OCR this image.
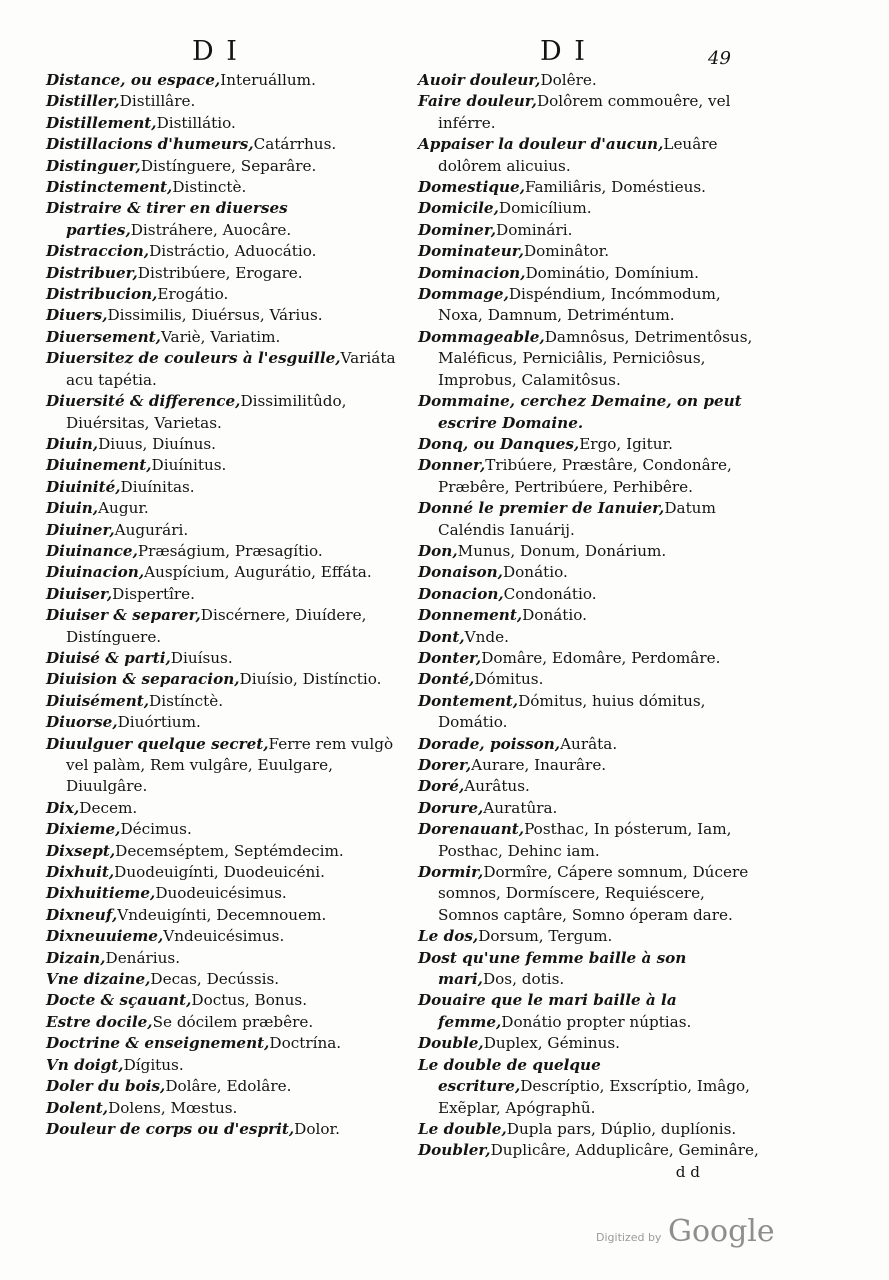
D I	D I	49

Distance, ou espace,Interuállum.

Distiller,Distillâre.

Distillement,Distillátio.

Distillacions d'humeurs,Catárrhus.

Distinguer,Distínguere, Separâre.

Distinctement,Distinctè.

Distraire & tirer en diuerses parties,Distráhere, Auocâre.

Distraccion,Distráctio, Aduocátio.

Distribuer,Distribúere, Erogare.

Distribucion,Erogátio.

Diuers,Dissimilis, Diuérsus, Várius.

Diuersement,Variè, Variatim.

Diuersitez de couleurs à l'esguille,Variáta acu tapétia.

Diuersité & difference,Dissimilitûdo, Diuérsitas, Varietas.

Diuin,Diuus, Diuínus.

Diuinement,Diuínitus.

Diuinité,Diuínitas.

Diuin,Augur.

Diuiner,Augurári.

Diuinance,Præságium, Præsagítio.

Diuinacion,Auspícium, Augurátio, Effáta.

Diuiser,Dispertîre.

Diuiser & separer,Discérnere, Diuídere, Distínguere.

Diuisé & parti,Diuísus.

Diuision & separacion,Diuísio, Distínctio.

Diuisément,Distínctè.

Diuorse,Diuórtium.

Diuulguer quelque secret,Ferre rem vulgò vel palàm, Rem vulgâre, Euulgare, Diuulgâre.

Dix,Decem.

Dixieme,Décimus.

Dixsept,Decemséptem, Septémdecim.

Dixhuit,Duodeuigínti, Duodeuicéni.

Dixhuitieme,Duodeuicésimus.

Dixneuf,Vndeuigínti, Decemnouem.

Dixneuuieme,Vndeuicésimus.

Dizain,Denárius.

Vne dizaine,Decas, Decússis.

Docte & sçauant,Doctus, Bonus.

Estre docile,Se dócilem præbêre.

Doctrine & enseignement,Doctrína.

Vn doigt,Dígitus.

Doler du bois,Dolâre, Edolâre.

Dolent,Dolens, Mœstus.

Douleur de corps ou d'esprit,Dolor.

Auoir douleur,Dolêre.

Faire douleur,Dolôrem commouêre, vel inférre.

Appaiser la douleur d'aucun,Leuâre dolôrem alicuius.

Domestique,Familiâris, Doméstieus.

Domicile,Domicílium.

Dominer,Dominári.

Dominateur,Dominâtor.

Dominacion,Dominátio, Domínium.

Dommage,Dispéndium, Incómmodum, Noxa, Damnum, Detriméntum.

Dommageable,Damnôsus, Detrimentôsus, Maléficus, Perniciâlis, Perniciôsus, Improbus, Calamitôsus.

Dommaine, cerchez Demaine, on peut escrire Domaine.

Donq, ou Danques,Ergo, Igitur.

Donner,Tribúere, Præstâre, Condonâre, Præbêre, Pertribúere, Perhibêre.

Donné le premier de Ianuier,Datum Caléndis Ianuárij.

Don,Munus, Donum, Donárium.

Donaison,Donátio.

Donacion,Condonátio.

Donnement,Donátio.

Dont,Vnde.

Donter,Domâre, Edomâre, Perdomâre.

Donté,Dómitus.

Dontement,Dómitus, huius dómitus, Domátio.

Dorade, poisson,Aurâta.

Dorer,Aurare, Inaurâre.

Doré,Aurâtus.

Dorure,Auratûra.

Dorenauant,Posthac, In pósterum, Iam, Posthac, Dehinc iam.

Dormir,Dormîre, Cápere somnum, Dúcere somnos, Dormíscere, Requiéscere, Somnos captâre, Somno óperam dare.

Le dos,Dorsum, Tergum.

Dost qu'une femme baille à son mari,Dos, dotis.

Douaire que le mari baille à la femme,Donátio propter núptias.

Double,Duplex, Géminus.

Le double de quelque escriture,Descríptio, Exscríptio, Imâgo, Exẽplar, Apógraphũ.

Le double,Dupla pars, Dúplio, duplíonis.

Doubler,Duplicâre, Adduplicâre, Geminâre,

d d

Digitized by Google
